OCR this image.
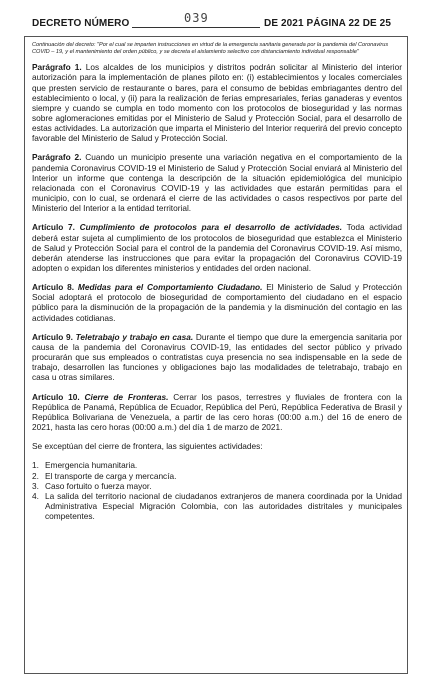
DECRETO NÚMERO	039	DE 2021 PÁGINA 22 DE 25

Continuación del decreto: "Por el cual se imparten instrucciones en virtud de la emergencia sanitaria generada por la pandemia del Coronavirus COVID – 19, y el mantenimiento del orden público, y se decreta el aislamiento selectivo con distanciamiento individual responsable"

Parágrafo 1. Los alcaldes de los municipios y distritos podrán solicitar al Ministerio del interior autorización para la implementación de planes piloto en: (i) establecimientos y locales comerciales que presten servicio de restaurante o bares, para el consumo de bebidas embriagantes dentro del establecimiento o local, y (ii) para la realización de ferias empresariales, ferias ganaderas y eventos siempre y cuando se cumpla en todo momento con los protocolos de bioseguridad y las normas sobre aglomeraciones emitidas por el Ministerio de Salud y Protección Social, para el desarrollo de estas actividades. La autorización que imparta el Ministerio del Interior requerirá del previo concepto favorable del Ministerio de Salud y Protección Social.

Parágrafo 2. Cuando un municipio presente una variación negativa en el comportamiento de la pandemia Coronavirus COVID-19 el Ministerio de Salud y Protección Social enviará al Ministerio del Interior un informe que contenga la descripción de la situación epidemiológica del municipio relacionada con el Coronavirus COVID-19 y las actividades que estarán permitidas para el municipio, con lo cual, se ordenará el cierre de las actividades o casos respectivos por parte del Ministerio del Interior a la entidad territorial.

Artículo 7. Cumplimiento de protocolos para el desarrollo de actividades. Toda actividad deberá estar sujeta al cumplimiento de los protocolos de bioseguridad que establezca el Ministerio de Salud y Protección Social para el control de la pandemia del Coronavirus COVID-19. Así mismo, deberán atenderse las instrucciones que para evitar la propagación del Coronavirus COVID-19 adopten o expidan los diferentes ministerios y entidades del orden nacional.

Artículo 8. Medidas para el Comportamiento Ciudadano. El Ministerio de Salud y Protección Social adoptará el protocolo de bioseguridad de comportamiento del ciudadano en el espacio público para la disminución de la propagación de la pandemia y la disminución del contagio en las actividades cotidianas.

Artículo 9. Teletrabajo y trabajo en casa. Durante el tiempo que dure la emergencia sanitaria por causa de la pandemia del Coronavirus COVID-19, las entidades del sector público y privado procurarán que sus empleados o contratistas cuya presencia no sea indispensable en la sede de trabajo, desarrollen las funciones y obligaciones bajo las modalidades de teletrabajo, trabajo en casa u otras similares.

Artículo 10. Cierre de Fronteras. Cerrar los pasos, terrestres y fluviales de frontera con la República de Panamá, República de Ecuador, República del Perú, República Federativa de Brasil y República Bolivariana de Venezuela, a partir de las cero horas (00:00 a.m.) del 16 de enero de 2021, hasta las cero horas (00:00 a.m.) del día 1 de marzo de 2021.

Se exceptúan del cierre de frontera, las siguientes actividades:

1. Emergencia humanitaria.
2. El transporte de carga y mercancía.
3. Caso fortuito o fuerza mayor.
4. La salida del territorio nacional de ciudadanos extranjeros de manera coordinada por la Unidad Administrativa Especial Migración Colombia, con las autoridades distritales y municipales competentes.
